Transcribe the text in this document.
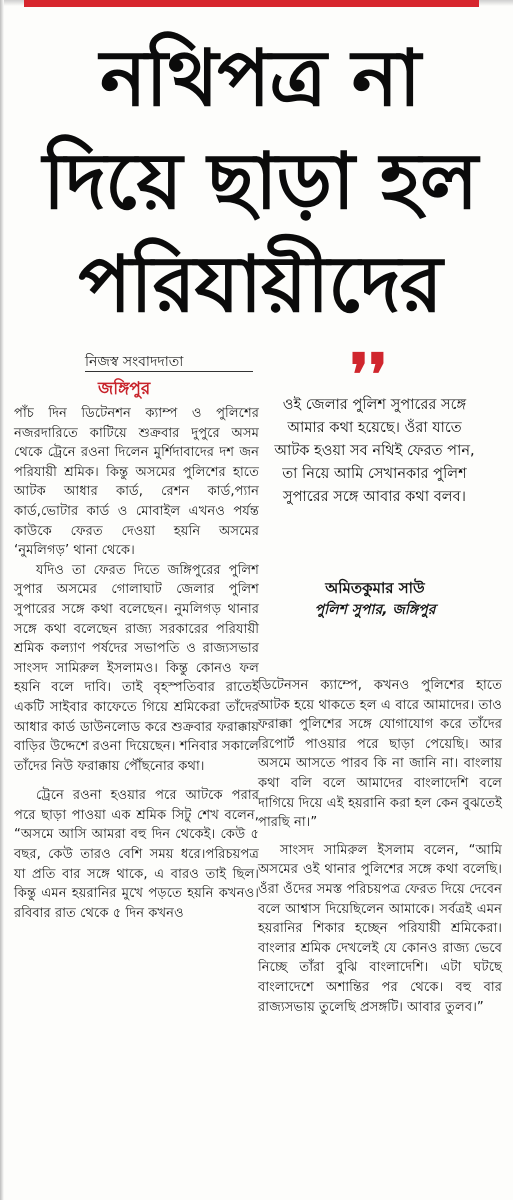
নথিপত্র না
দিয়ে ছাড়া হল
পরিযায়ীদের
নিজস্ব সংবাদদাতা
জঙ্গিপুর	❜❜

পাঁচ দিন ডিটেনশন ক্যাম্প ও পুলিশের নজরদারিতে কাটিয়ে শুক্রবার দুপুরে অসম থেকে ট্রেনে রওনা দিলেন মুর্শিদাবাদের দশ জন পরিযায়ী শ্রমিক। কিন্তু অসমের পুলিশের হাতে আটক আধার কার্ড, রেশন কার্ড,প্যান কার্ড,ভোটার কার্ড ও মোবাইল এখনও পর্যন্ত কাউকে ফেরত দেওয়া হয়নি অসমের ‘নুমলিগড়’ থানা থেকে।

যদিও তা ফেরত দিতে জঙ্গিপুরের পুলিশ সুপার অসমের গোলাঘাট জেলার পুলিশ সুপারের সঙ্গে কথা বলেছেন। নুমলিগড় থানার সঙ্গে কথা বলেছেন রাজ্য সরকারের পরিযায়ী শ্রমিক কল্যাণ পর্ষদের সভাপতি ও রাজ্যসভার সাংসদ সামিরুল ইসলামও। কিন্তু কোনও ফল হয়নি বলে দাবি। তাই বৃহস্পতিবার রাতেই একটি সাইবার কাফেতে গিয়ে শ্রমিকেরা তাঁদের আধার কার্ড ডাউনলোড করে শুক্রবার ফরাক্কায় বাড়ির উদ্দেশে রওনা দিয়েছেন। শনিবার সকালে তাঁদের নিউ ফরাক্কায় পৌঁছনোর কথা।

ট্রেনে রওনা হওয়ার পরে আটকে পরার পরে ছাড়া পাওয়া এক শ্রমিক সিটু শেখ বলেন, “অসমে আসি আমরা বহু দিন থেকেই। কেউ ৫ বছর, কেউ তারও বেশি সময় ধরে।পরিচয়পত্র যা প্রতি বার সঙ্গে থাকে, এ বারও তাই ছিল। কিন্তু এমন হয়রানির মুখে পড়তে হয়নি কখনও। রবিবার রাত থেকে ৫ দিন কখনও

ওই জেলার পুলিশ সুপারের সঙ্গে আমার কথা হয়েছে। ওঁরা যাতে আটক হওয়া সব নথিই ফেরত পান, তা নিয়ে আমি সেখানকার পুলিশ সুপারের সঙ্গে আবার কথা বলব।
অমিতকুমার সাউ
পুলিশ সুপার, জঙ্গিপুর

ডিটেনসন ক্যাম্পে, কখনও পুলিশের হাতে আটক হয়ে থাকতে হল এ বারে আমাদের। তাও ফরাক্কা পুলিশের সঙ্গে যোগাযোগ করে তাঁদের রিপোর্ট পাওয়ার পরে ছাড়া পেয়েছি। আর অসমে আসতে পারব কি না জানি না। বাংলায় কথা বলি বলে আমাদের বাংলাদেশি বলে দাগিয়ে দিয়ে এই হয়রানি করা হল কেন বুঝতেই পারছি না।”

সাংসদ সামিরুল ইসলাম বলেন, “আমি অসমের ওই থানার পুলিশের সঙ্গে কথা বলেছি। ওঁরা ওঁদের সমস্ত পরিচয়পত্র ফেরত দিয়ে দেবেন বলে আশ্বাস দিয়েছিলেন আমাকে। সর্বত্রই এমন হয়রানির শিকার হচ্ছেন পরিযায়ী শ্রমিকেরা। বাংলার শ্রমিক দেখলেই যে কোনও রাজ্য ভেবে নিচ্ছে তাঁরা বুঝি বাংলাদেশি। এটা ঘটছে বাংলাদেশে অশান্তির পর থেকে। বহু বার রাজ্যসভায় তুলেছি প্রসঙ্গটি। আবার তুলব।”
